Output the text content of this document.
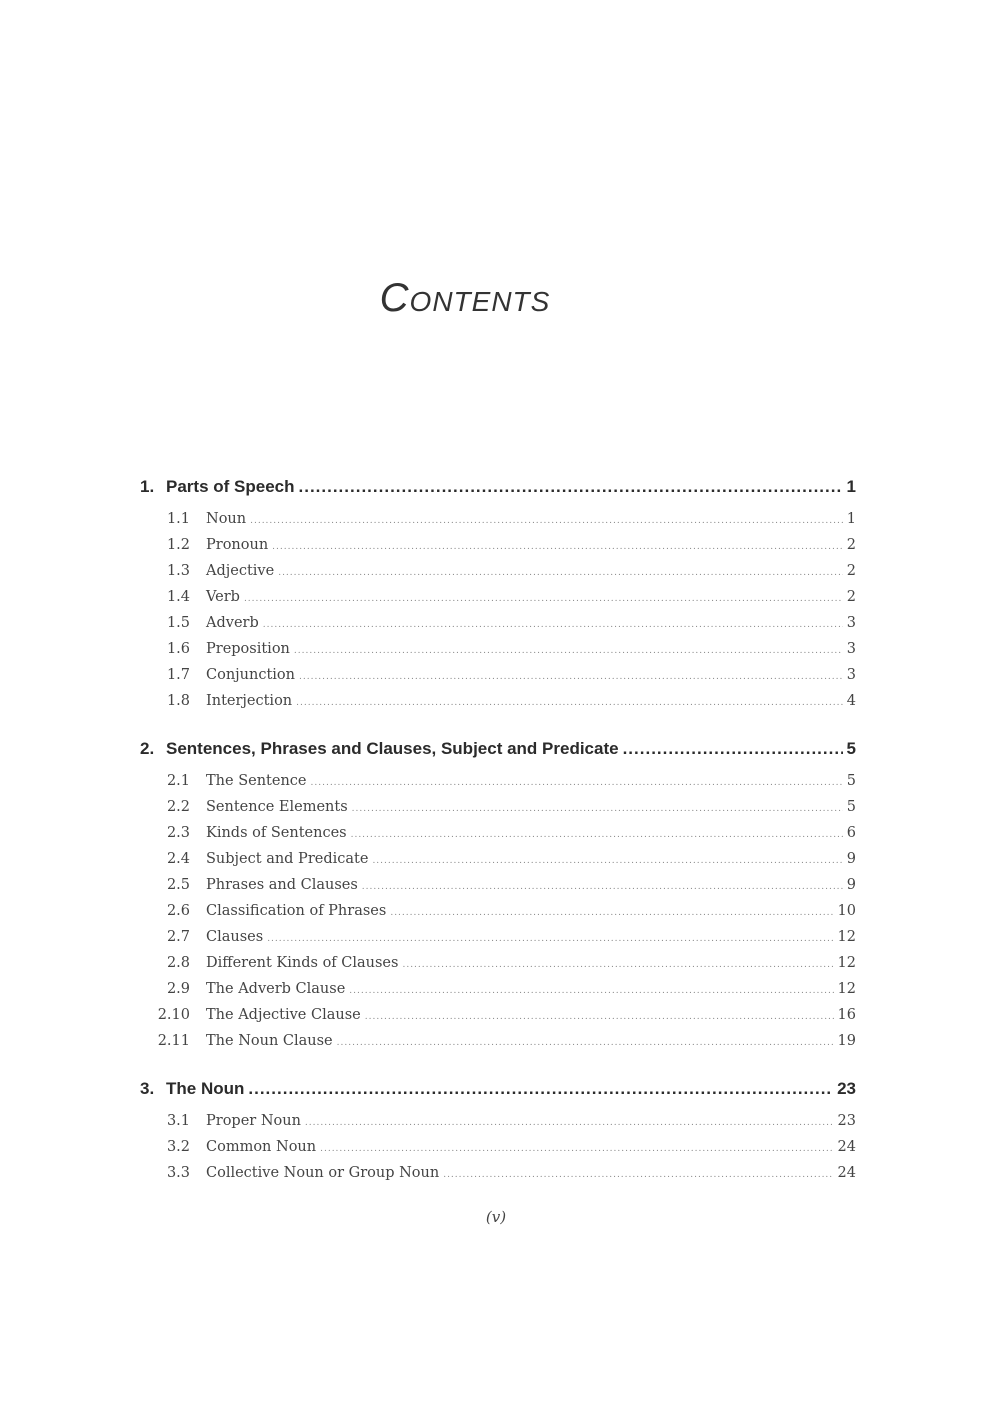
Contents
1. Parts of Speech .....	1
1.1	Noun .....	1
1.2	Pronoun .....	2
1.3	Adjective .....	2
1.4	Verb .....	2
1.5	Adverb .....	3
1.6	Preposition .....	3
1.7	Conjunction .....	3
1.8	Interjection .....	4
2. Sentences, Phrases and Clauses, Subject and Predicate .....	5
2.1	The Sentence .....	5
2.2	Sentence Elements .....	5
2.3	Kinds of Sentences .....	6
2.4	Subject and Predicate .....	9
2.5	Phrases and Clauses .....	9
2.6	Classification of Phrases .....	10
2.7	Clauses .....	12
2.8	Different Kinds of Clauses .....	12
2.9	The Adverb Clause .....	12
2.10	The Adjective Clause .....	16
2.11	The Noun Clause .....	19
3. The Noun .....	23
3.1	Proper Noun .....	23
3.2	Common Noun .....	24
3.3	Collective Noun or Group Noun .....	24
(v)
